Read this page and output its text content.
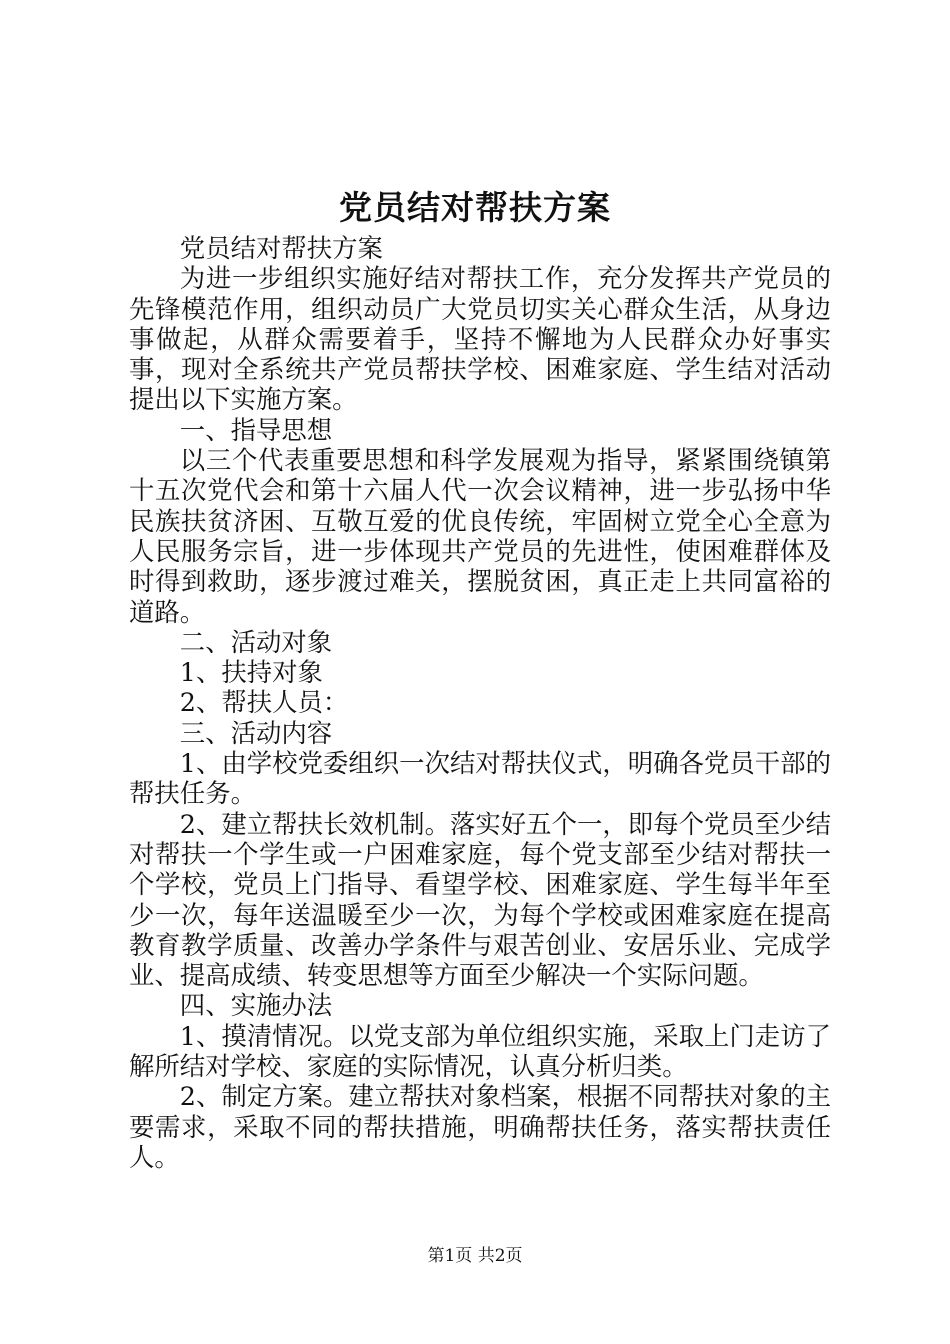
党员结对帮扶方案

党员结对帮扶方案

为进一步组织实施好结对帮扶工作，充分发挥共产党员的先锋模范作用，组织动员广大党员切实关心群众生活，从身边事做起，从群众需要着手，坚持不懈地为人民群众办好事实事，现对全系统共产党员帮扶学校、困难家庭、学生结对活动提出以下实施方案。

一、指导思想

以三个代表重要思想和科学发展观为指导，紧紧围绕镇第十五次党代会和第十六届人代一次会议精神，进一步弘扬中华民族扶贫济困、互敬互爱的优良传统，牢固树立党全心全意为人民服务宗旨，进一步体现共产党员的先进性，使困难群体及时得到救助，逐步渡过难关，摆脱贫困，真正走上共同富裕的道路。

二、活动对象

1、扶持对象

2、帮扶人员：

三、活动内容

1、由学校党委组织一次结对帮扶仪式，明确各党员干部的帮扶任务。

2、建立帮扶长效机制。落实好五个一，即每个党员至少结对帮扶一个学生或一户困难家庭，每个党支部至少结对帮扶一个学校，党员上门指导、看望学校、困难家庭、学生每半年至少一次，每年送温暖至少一次，为每个学校或困难家庭在提高教育教学质量、改善办学条件与艰苦创业、安居乐业、完成学业、提高成绩、转变思想等方面至少解决一个实际问题。

四、实施办法

1、摸清情况。以党支部为单位组织实施，采取上门走访了解所结对学校、家庭的实际情况，认真分析归类。

2、制定方案。建立帮扶对象档案，根据不同帮扶对象的主要需求，采取不同的帮扶措施，明确帮扶任务，落实帮扶责任人。

第1页 共2页
